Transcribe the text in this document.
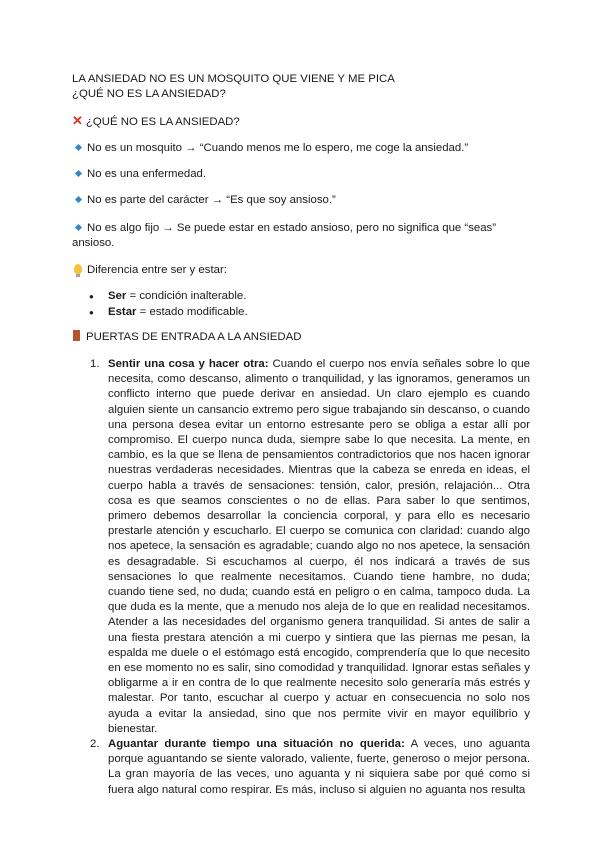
LA ANSIEDAD NO ES UN MOSQUITO QUE VIENE Y ME PICA
¿QUÉ NO ES LA ANSIEDAD?

✕ ¿QUÉ NO ES LA ANSIEDAD?

No es un mosquito → “Cuando menos me lo espero, me coge la ansiedad.”

No es una enfermedad.

No es parte del carácter → “Es que soy ansioso.”

No es algo fijo → Se puede estar en estado ansioso, pero no significa que “seas” ansioso.

Diferencia entre ser y estar:

● Ser = condición inalterable.
● Estar = estado modificable.

PUERTAS DE ENTRADA A LA ANSIEDAD

1. Sentir una cosa y hacer otra: Cuando el cuerpo nos envía señales sobre lo que necesita, como descanso, alimento o tranquilidad, y las ignoramos, generamos un conflicto interno que puede derivar en ansiedad. Un claro ejemplo es cuando alguien siente un cansancio extremo pero sigue trabajando sin descanso, o cuando una persona desea evitar un entorno estresante pero se obliga a estar allí por compromiso. El cuerpo nunca duda, siempre sabe lo que necesita. La mente, en cambio, es la que se llena de pensamientos contradictorios que nos hacen ignorar nuestras verdaderas necesidades. Mientras que la cabeza se enreda en ideas, el cuerpo habla a través de sensaciones: tensión, calor, presión, relajación... Otra cosa es que seamos conscientes o no de ellas. Para saber lo que sentimos, primero debemos desarrollar la conciencia corporal, y para ello es necesario prestarle atención y escucharlo. El cuerpo se comunica con claridad: cuando algo nos apetece, la sensación es agradable; cuando algo no nos apetece, la sensación es desagradable. Si escuchamos al cuerpo, él nos indicará a través de sus sensaciones lo que realmente necesitamos. Cuando tiene hambre, no duda; cuando tiene sed, no duda; cuando está en peligro o en calma, tampoco duda. La que duda es la mente, que a menudo nos aleja de lo que en realidad necesitamos. Atender a las necesidades del organismo genera tranquilidad. Si antes de salir a una fiesta prestara atención a mi cuerpo y sintiera que las piernas me pesan, la espalda me duele o el estómago está encogido, comprendería que lo que necesito en ese momento no es salir, sino comodidad y tranquilidad. Ignorar estas señales y obligarme a ir en contra de lo que realmente necesito solo generaría más estrés y malestar. Por tanto, escuchar al cuerpo y actuar en consecuencia no solo nos ayuda a evitar la ansiedad, sino que nos permite vivir en mayor equilibrio y bienestar.
2. Aguantar durante tiempo una situación no querida: A veces, uno aguanta porque aguantando se siente valorado, valiente, fuerte, generoso o mejor persona. La gran mayoría de las veces, uno aguanta y ni siquiera sabe por qué como si fuera algo natural como respirar. Es más, incluso si alguien no aguanta nos resulta
